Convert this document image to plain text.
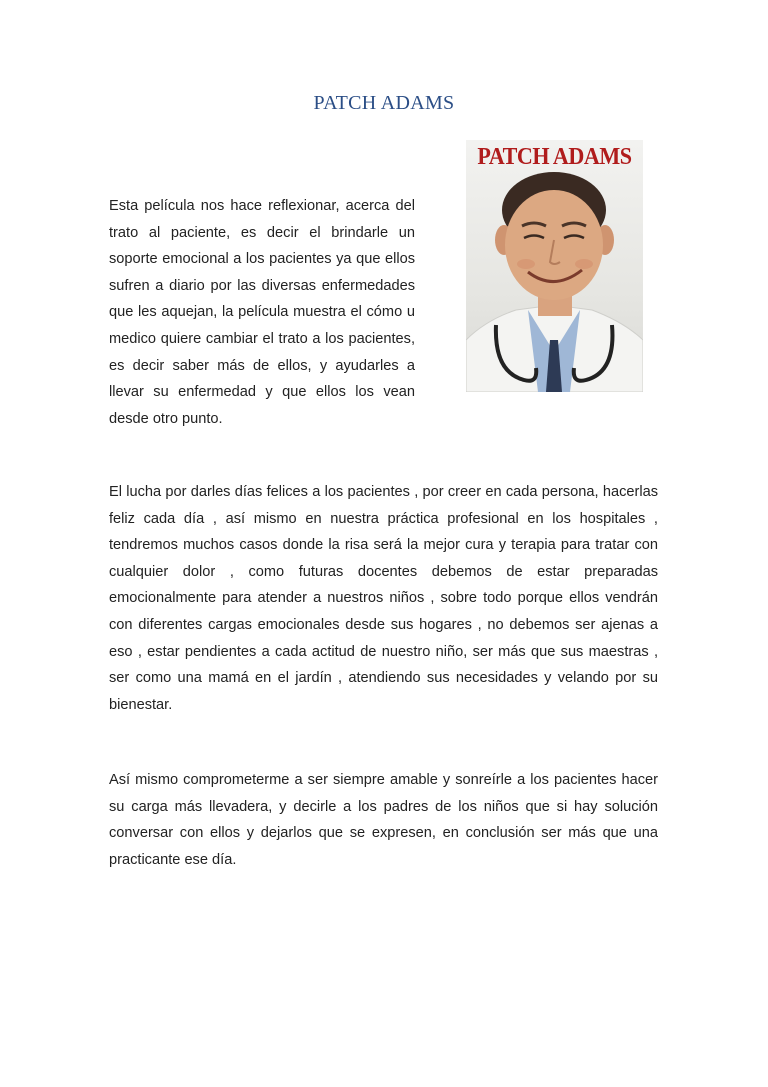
PATCH ADAMS

Esta película nos hace reflexionar, acerca del trato al paciente, es decir el brindarle un soporte emocional a los pacientes ya que ellos sufren a diario por las diversas enfermedades que les aquejan, la película muestra el cómo u medico quiere cambiar el trato a los pacientes, es decir saber más de ellos, y ayudarles a llevar su enfermedad y que ellos los vean desde otro punto.

PATCH ADAMS

El lucha por darles días felices a los pacientes , por creer en cada persona, hacerlas feliz cada día , así mismo en nuestra práctica profesional en los hospitales , tendremos muchos casos donde la risa será la mejor cura y terapia para tratar con cualquier dolor , como futuras docentes debemos de estar preparadas emocionalmente para atender a nuestros niños , sobre todo porque ellos vendrán con diferentes cargas emocionales desde sus hogares , no debemos ser ajenas a eso , estar pendientes a cada actitud de nuestro niño, ser más que sus maestras , ser como una mamá en el jardín , atendiendo sus necesidades y velando por su bienestar.

Así mismo comprometerme a ser siempre amable y sonreírle a los pacientes hacer su carga más llevadera, y decirle a los padres de los niños que si hay solución conversar con ellos y dejarlos que se expresen, en conclusión ser más que una practicante ese día.
